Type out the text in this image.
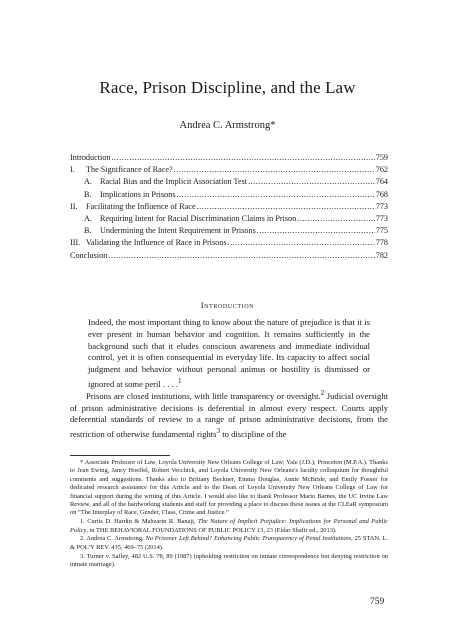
Race, Prison Discipline, and the Law
Andrea C. Armstrong*
Introduction .....	759
I. The Significance of Race? .....	762
A. Racial Bias and the Implicit Association Test .....	764
B. Implications in Prisons .....	768
II. Facilitating the Influence of Race .....	773
A. Requiring Intent for Racial Discrimination Claims in Prison .....	773
B. Undermining the Intent Requirement in Prisons .....	775
III. Validating the Influence of Race in Prisons .....	778
Conclusion .....	782
Introduction
Indeed, the most important thing to know about the nature of prejudice is that it is ever present in human behavior and cognition. It remains sufficiently in the background such that it eludes conscious awareness and immediate individual control, yet it is often consequential in everyday life. Its capacity to affect social judgment and behavior without personal animus or hostility is dismissed or ignored at some peril . . . .$^1$
Prisons are closed institutions, with little transparency or oversight.$^2$ Judicial oversight of prison administrative decisions is deferential in almost every respect. Courts apply deferential standards of review to a range of prison administrative decisions, from the restriction of otherwise fundamental rights$^3$ to discipline of the

* Associate Professor of Law, Loyola University New Orleans College of Law; Yale (J.D.); Princeton (M.P.A.). Thanks to Jean Ewing, Jancy Hoeffel, Robert Vecchick, and Loyola University New Orleans's faculty colloquium for thoughtful comments and suggestions. Thanks also to Brittany Beckner, Emma Douglas, Annie McBride, and Emily Posner for dedicated research assistance for this Article and to the Dean of Loyola University New Orleans College of Law for financial support during the writing of this Article. I would also like to thank Professor Mario Barnes, the UC Irvine Law Review, and all of the hardworking students and staff for providing a place to discuss these issues at the CLEaR symposium on “The Interplay of Race, Gender, Class, Crime and Justice.”

1. Curtis D. Hardin & Mahzarin R. Banaji, The Nature of Implicit Prejudice: Implications for Personal and Public Policy, in THE BEHAVIORAL FOUNDATIONS OF PUBLIC POLICY 13, 23 (Eldar Shafir ed., 2013).

2. Andrea C. Armstrong, No Prisoner Left Behind? Enhancing Public Transparency of Penal Institutions, 25 STAN. L. & POL’Y REV. 435, 469–75 (2014).

3. Turner v. Safley, 482 U.S. 78, 89 (1987) (upholding restriction on inmate correspondence but denying restriction on inmate marriage).

759
